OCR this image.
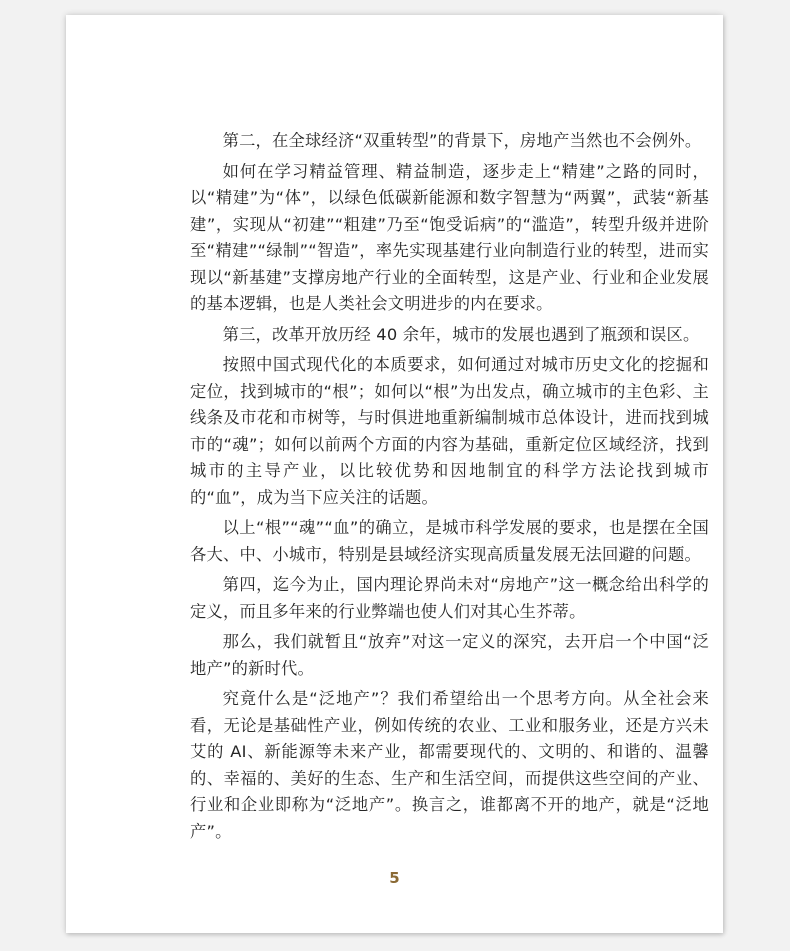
第二，在全球经济“双重转型”的背景下，房地产当然也不会例外。

如何在学习精益管理、精益制造，逐步走上“精建”之路的同时，以“精建”为“体”，以绿色低碳新能源和数字智慧为“两翼”，武装“新基建”，实现从“初建”“粗建”乃至“饱受诟病”的“滥造”，转型升级并进阶至“精建”“绿制”“智造”，率先实现基建行业向制造行业的转型，进而实现以“新基建”支撑房地产行业的全面转型，这是产业、行业和企业发展的基本逻辑，也是人类社会文明进步的内在要求。

第三，改革开放历经 40 余年，城市的发展也遇到了瓶颈和误区。

按照中国式现代化的本质要求，如何通过对城市历史文化的挖掘和定位，找到城市的“根”；如何以“根”为出发点，确立城市的主色彩、主线条及市花和市树等，与时俱进地重新编制城市总体设计，进而找到城市的“魂”；如何以前两个方面的内容为基础，重新定位区域经济，找到城市的主导产业，以比较优势和因地制宜的科学方法论找到城市的“血”，成为当下应关注的话题。

以上“根”“魂”“血”的确立，是城市科学发展的要求，也是摆在全国各大、中、小城市，特别是县域经济实现高质量发展无法回避的问题。

第四，迄今为止，国内理论界尚未对“房地产”这一概念给出科学的定义，而且多年来的行业弊端也使人们对其心生芥蒂。

那么，我们就暂且“放弃”对这一定义的深究，去开启一个中国“泛地产”的新时代。

究竟什么是“泛地产”？我们希望给出一个思考方向。从全社会来看，无论是基础性产业，例如传统的农业、工业和服务业，还是方兴未艾的 AI、新能源等未来产业，都需要现代的、文明的、和谐的、温馨的、幸福的、美好的生态、生产和生活空间，而提供这些空间的产业、行业和企业即称为“泛地产”。换言之，谁都离不开的地产，就是“泛地产”。

5
